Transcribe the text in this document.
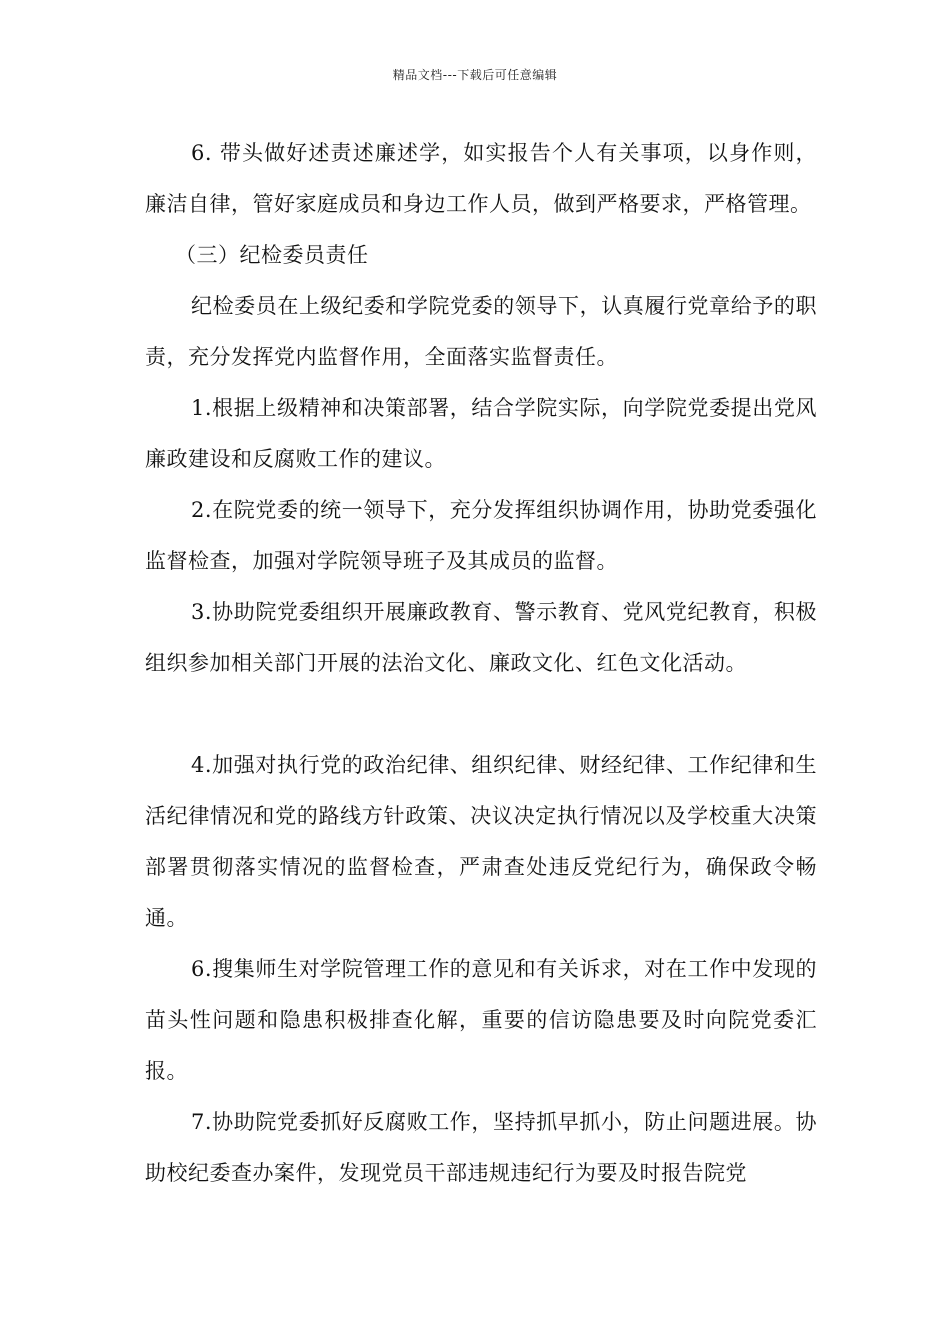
精品文档---下载后可任意编辑

6. 带头做好述责述廉述学，如实报告个人有关事项，以身作则，廉洁自律，管好家庭成员和身边工作人员，做到严格要求，严格管理。

（三）纪检委员责任

纪检委员在上级纪委和学院党委的领导下，认真履行党章给予的职责，充分发挥党内监督作用，全面落实监督责任。

1.根据上级精神和决策部署，结合学院实际，向学院党委提出党风廉政建设和反腐败工作的建议。

2.在院党委的统一领导下，充分发挥组织协调作用，协助党委强化监督检查，加强对学院领导班子及其成员的监督。

3.协助院党委组织开展廉政教育、警示教育、党风党纪教育，积极组织参加相关部门开展的法治文化、廉政文化、红色文化活动。

4.加强对执行党的政治纪律、组织纪律、财经纪律、工作纪律和生活纪律情况和党的路线方针政策、决议决定执行情况以及学校重大决策部署贯彻落实情况的监督检查，严肃查处违反党纪行为，确保政令畅通。

6.搜集师生对学院管理工作的意见和有关诉求，对在工作中发现的苗头性问题和隐患积极排查化解，重要的信访隐患要及时向院党委汇报。

7.协助院党委抓好反腐败工作，坚持抓早抓小，防止问题进展。协助校纪委查办案件，发现党员干部违规违纪行为要及时报告院党
